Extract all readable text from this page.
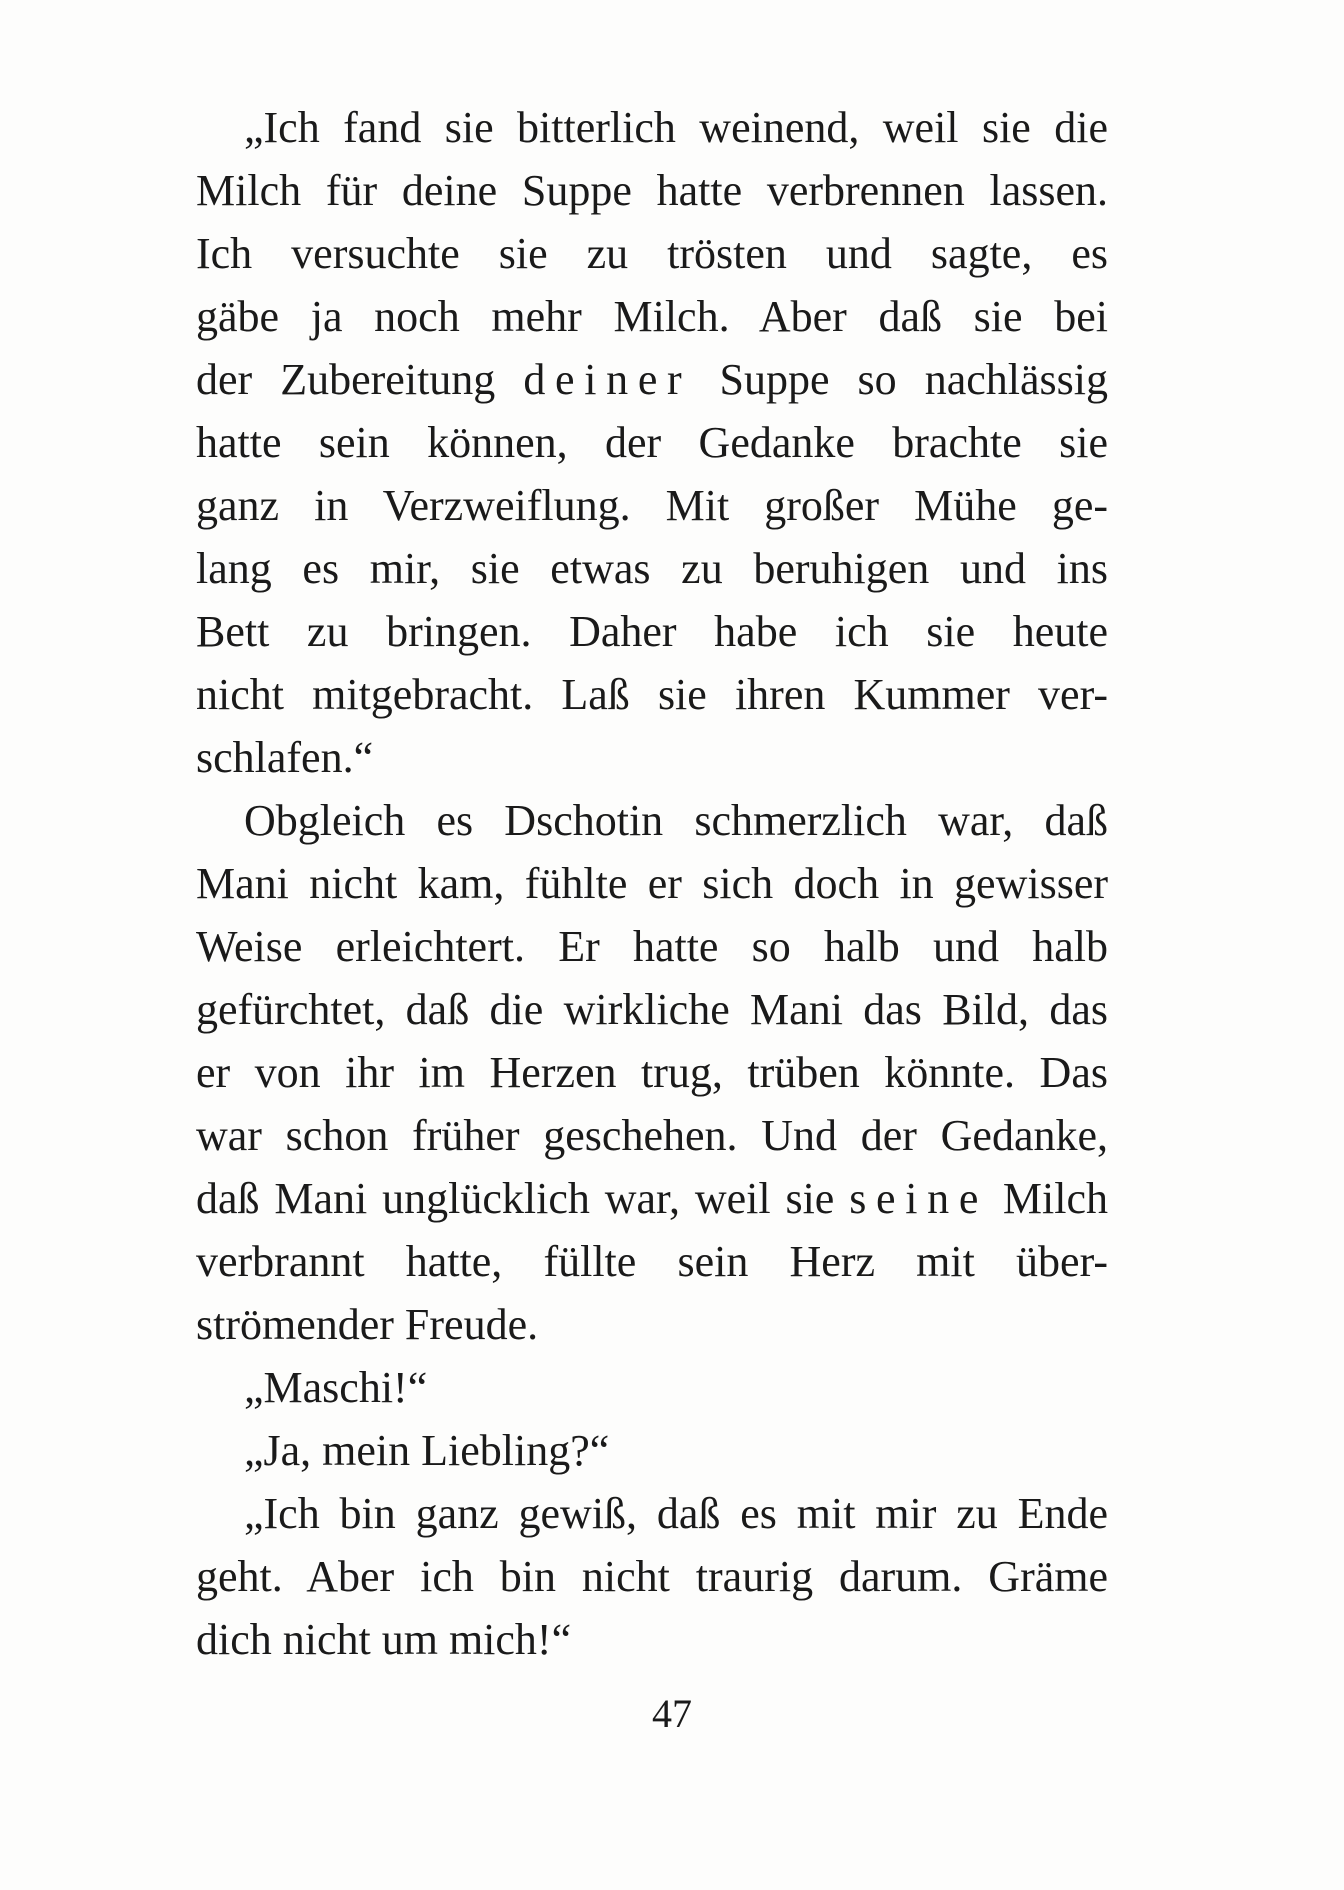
„Ich fand sie bitterlich weinend, weil sie die
Milch für deine Suppe hatte verbrennen lassen.
Ich versuchte sie zu trösten und sagte, es
gäbe ja noch mehr Milch. Aber daß sie bei
der Zubereitung deiner Suppe so nachlässig
hatte sein können, der Gedanke brachte sie
ganz in Verzweiflung. Mit großer Mühe ge-
lang es mir, sie etwas zu beruhigen und ins
Bett zu bringen. Daher habe ich sie heute
nicht mitgebracht. Laß sie ihren Kummer ver-
schlafen.“
Obgleich es Dschotin schmerzlich war, daß
Mani nicht kam, fühlte er sich doch in gewisser
Weise erleichtert. Er hatte so halb und halb
gefürchtet, daß die wirkliche Mani das Bild, das
er von ihr im Herzen trug, trüben könnte. Das
war schon früher geschehen. Und der Gedanke,
daß Mani unglücklich war, weil sie seine Milch
verbrannt hatte, füllte sein Herz mit über-
strömender Freude.
„Maschi!“
„Ja, mein Liebling?“
„Ich bin ganz gewiß, daß es mit mir zu Ende
geht. Aber ich bin nicht traurig darum. Gräme
dich nicht um mich!“
47
